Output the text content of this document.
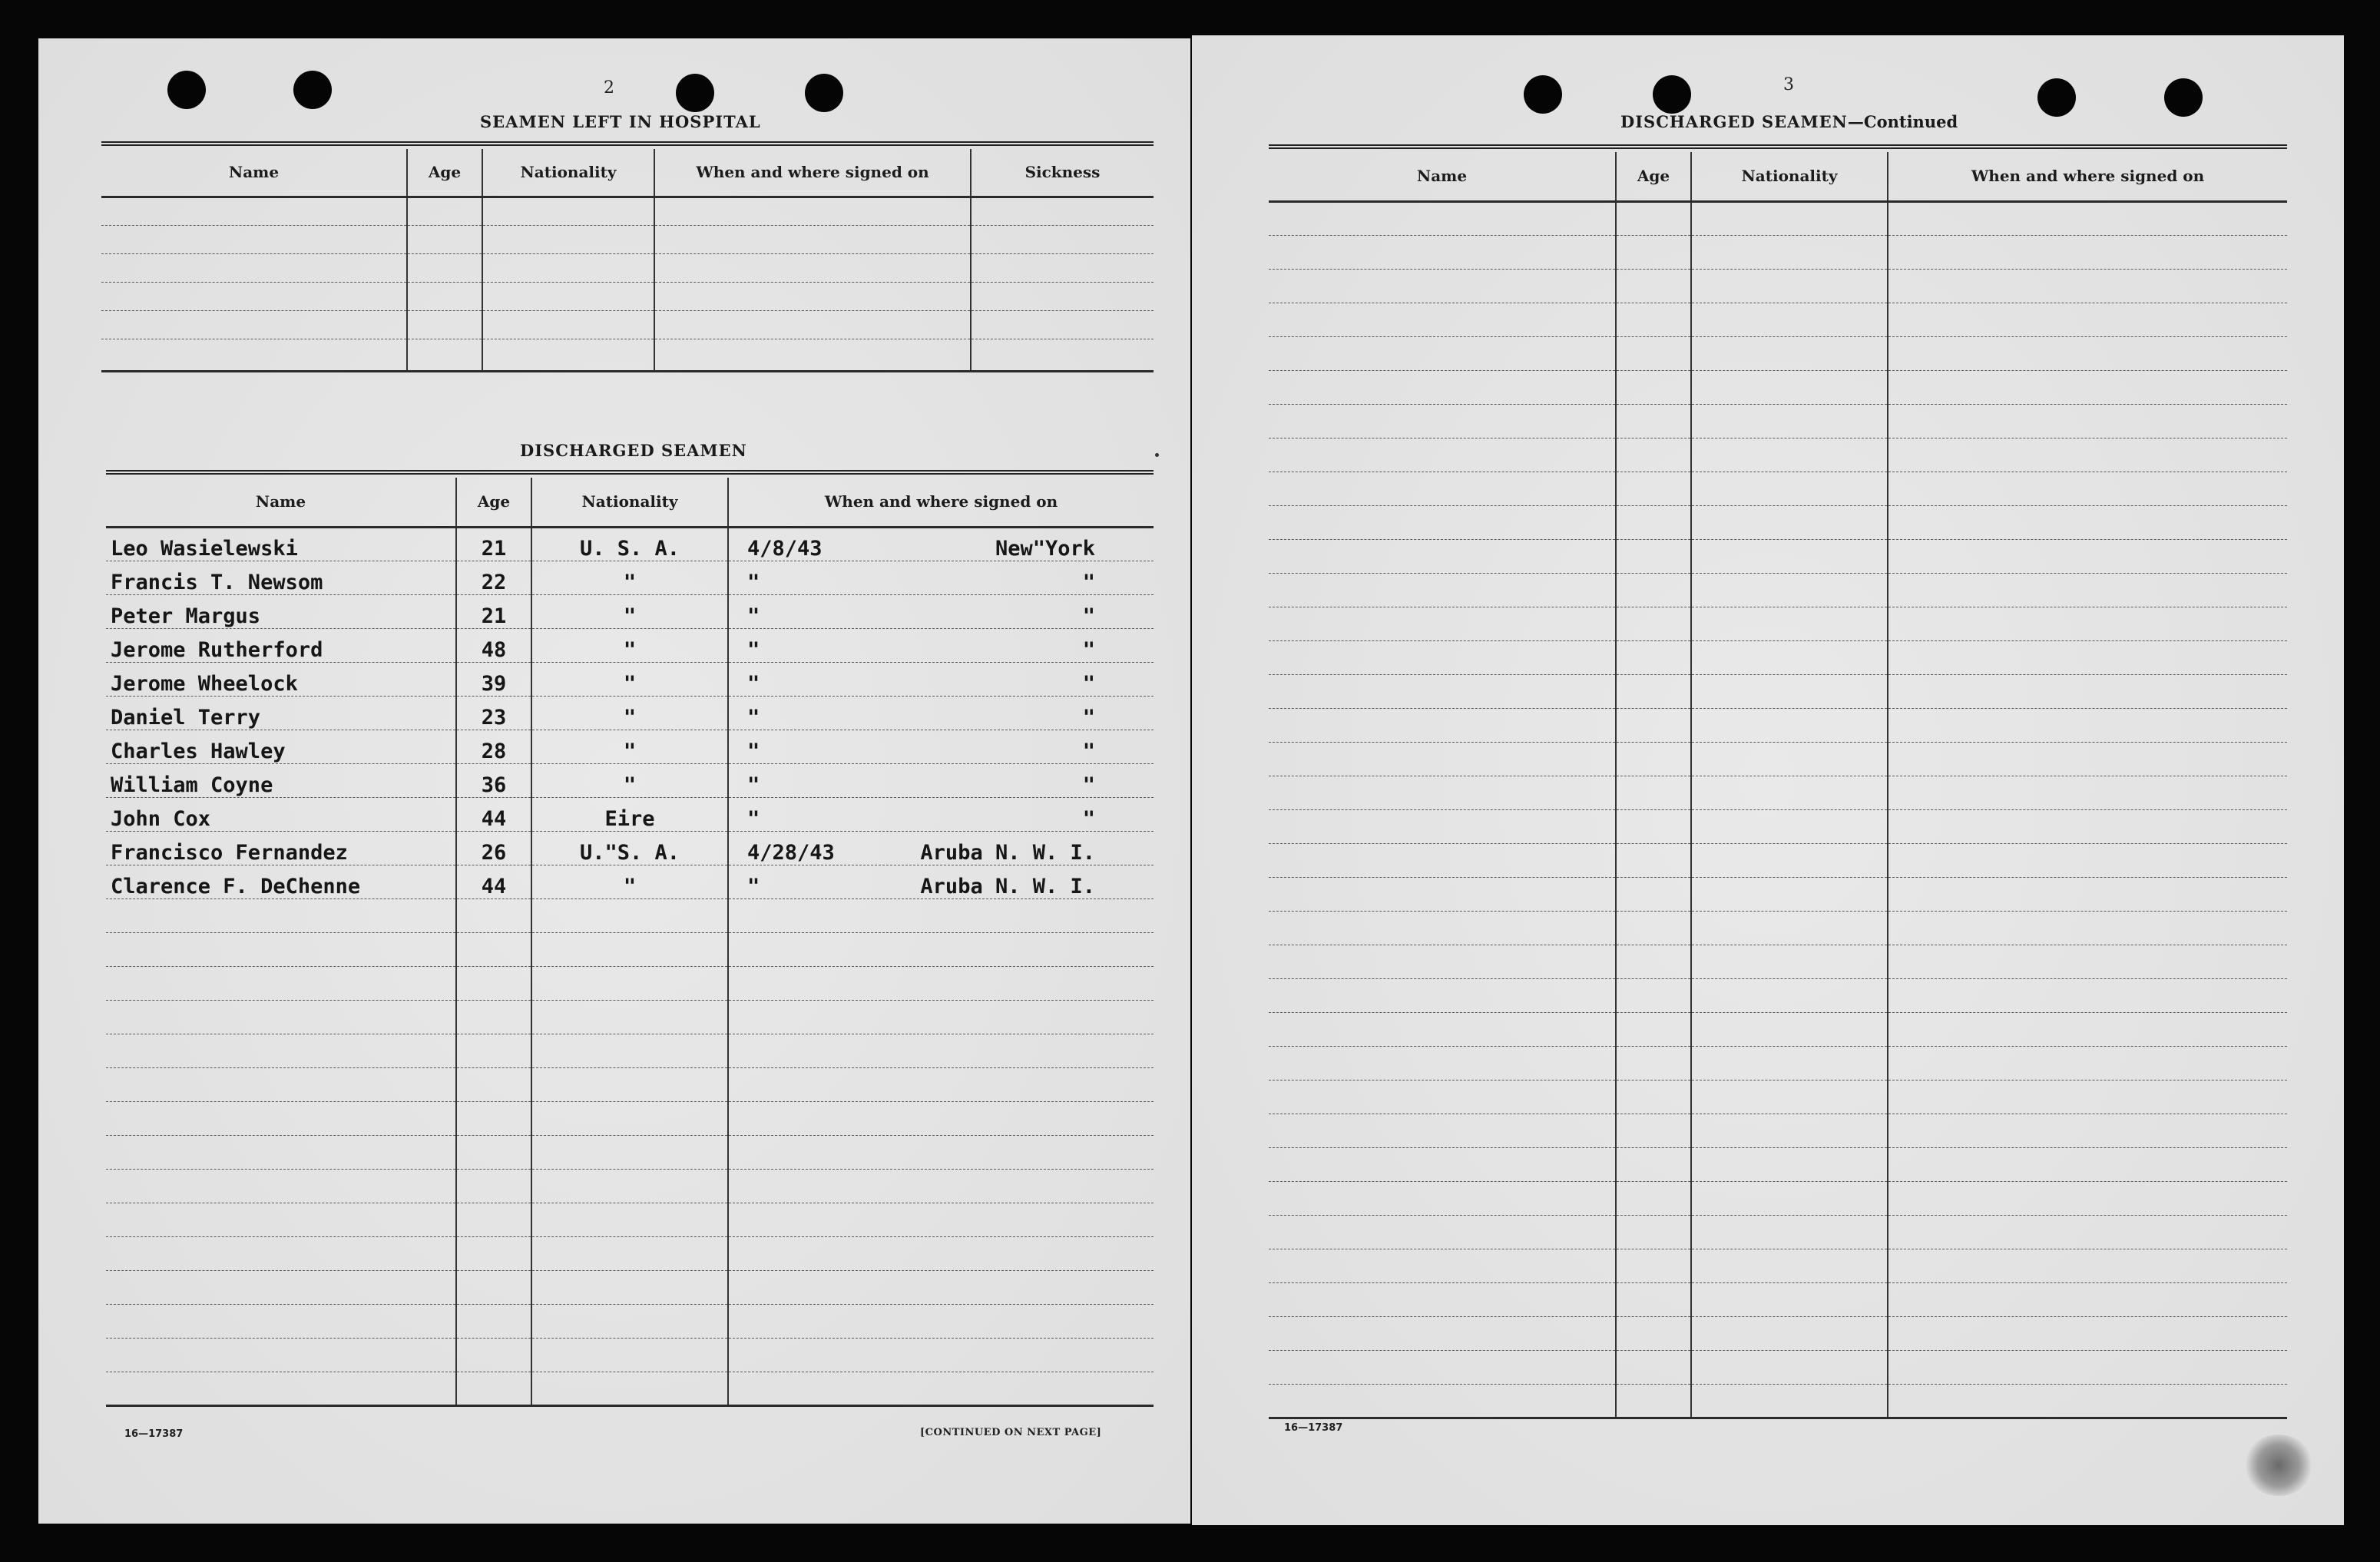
2
SEAMEN LEFT IN HOSPITAL
Name	Age	Nationality	When and where signed on	Sickness

DISCHARGED SEAMEN
Name	Age	Nationality	When and where signed on
Leo Wasielewski	21	U. S. A.	4/8/43 New"York

Francis T. Newsom	22	"	" "

Peter Margus	21	"	" "

Jerome Rutherford	48	"	" "

Jerome Wheelock	39	"	" "

Daniel Terry	23	"	" "

Charles Hawley	28	"	" "

William Coyne	36	"	" "

John Cox	44	Eire	" "

Francisco Fernandez	26	U."S. A.	4/28/43 Aruba N. W. I.

Clarence F. DeChenne	44	"	" Aruba N. W. I.

16—17387	[CONTINUED ON NEXT PAGE]
3
DISCHARGED SEAMEN—Continued
Name	Age	Nationality	When and where signed on

16—17387
